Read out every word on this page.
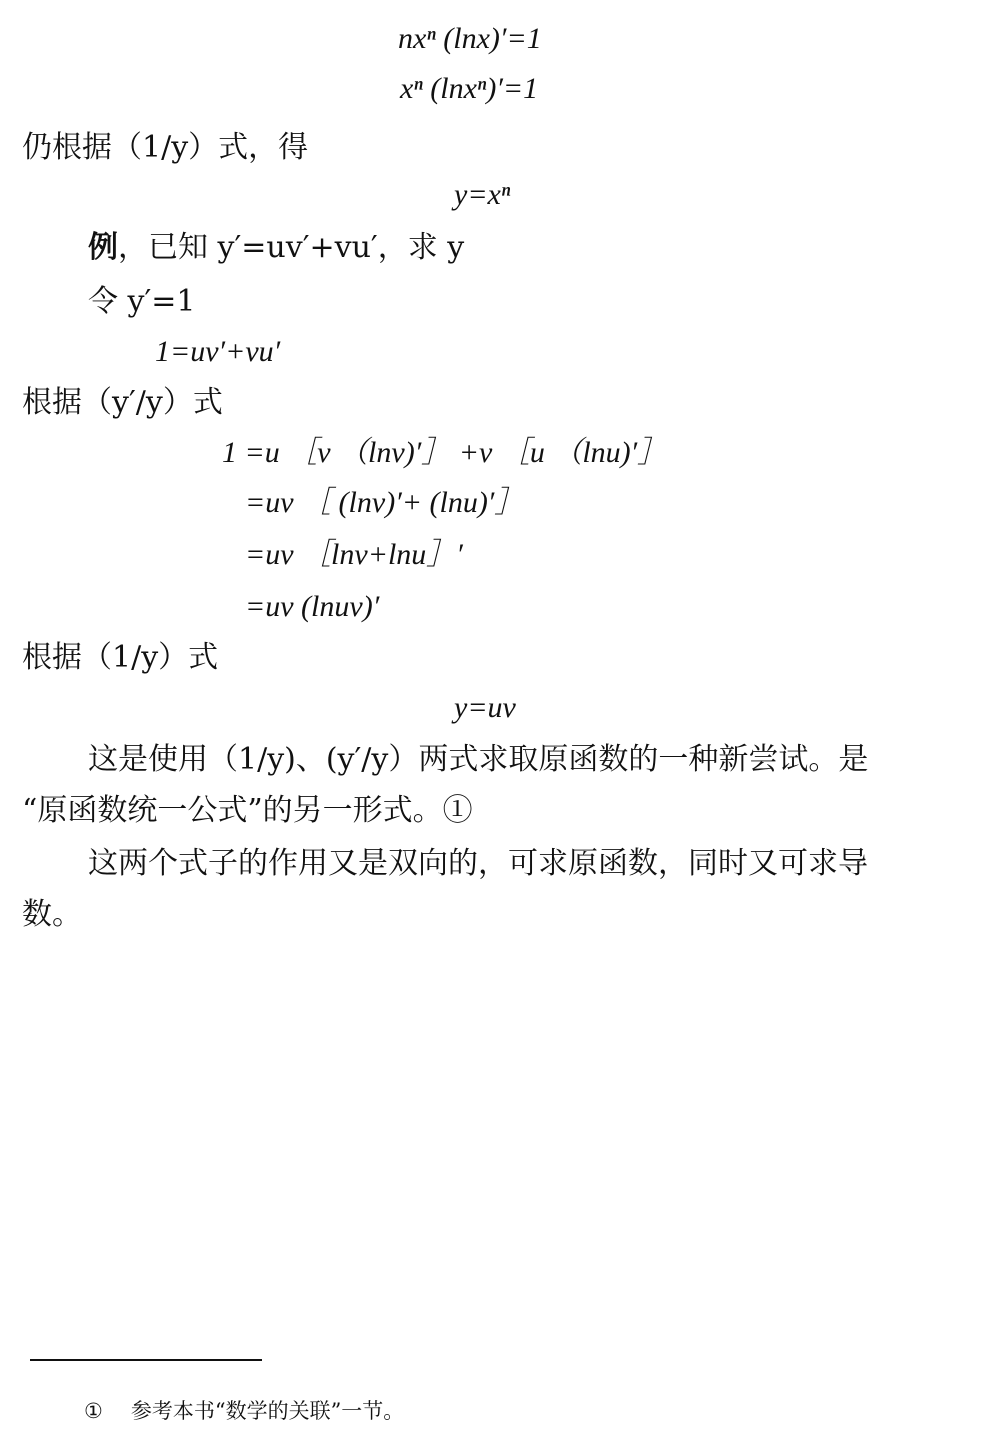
nxⁿ (lnx)′=1
xⁿ (lnxⁿ)′=1
仍根据（1/y）式，得
y=xⁿ
例，已知 y′=uv′+vu′，求 y
令 y′=1
1=uv′+vu′
根据（y′/y）式
1 =u ［v （lnv)′］ +v ［u （lnu)′］
=uv ［ (lnv)′+ (lnu)′］
=uv ［lnv+lnu］′
=uv (lnuv)′
根据（1/y）式
y=uv
这是使用（1/y)、(y′/y）两式求取原函数的一种新尝试。是
“原函数统一公式”的另一形式。①
这两个式子的作用又是双向的，可求原函数，同时又可求导
数。
① 参考本书“数学的关联”一节。
